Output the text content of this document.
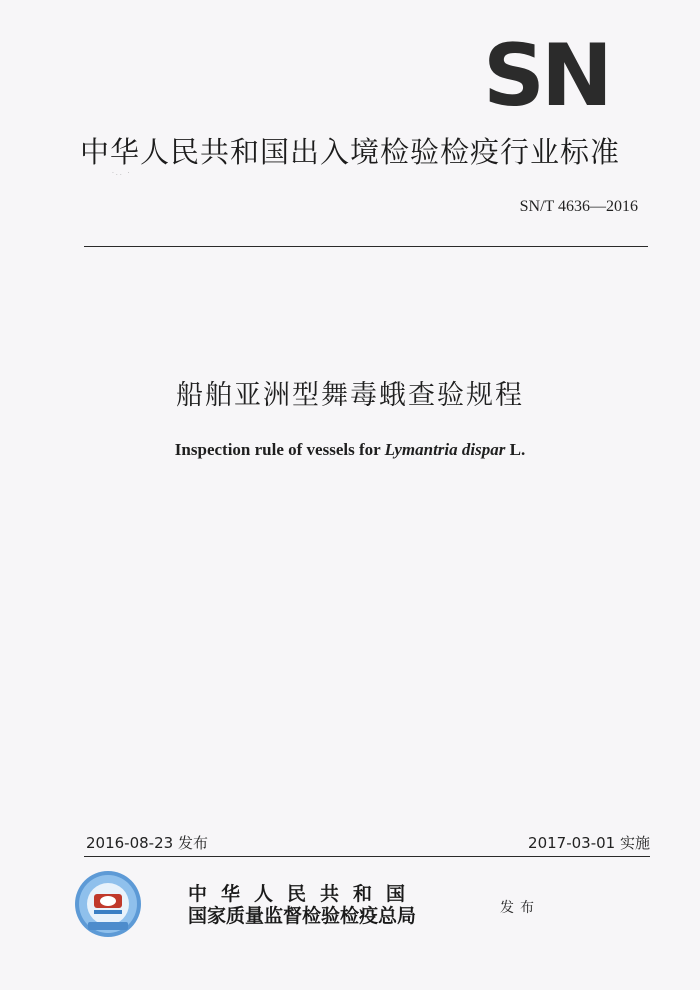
SN
中华人民共和国出入境检验检疫行业标准
·.. ·
SN/T 4636—2016
船舶亚洲型舞毒蛾查验规程
Inspection rule of vessels for Lymantria dispar L.
2016-08-23 发布	2017-03-01 实施
中华人民共和国
国家质量监督检验检疫总局	发布
